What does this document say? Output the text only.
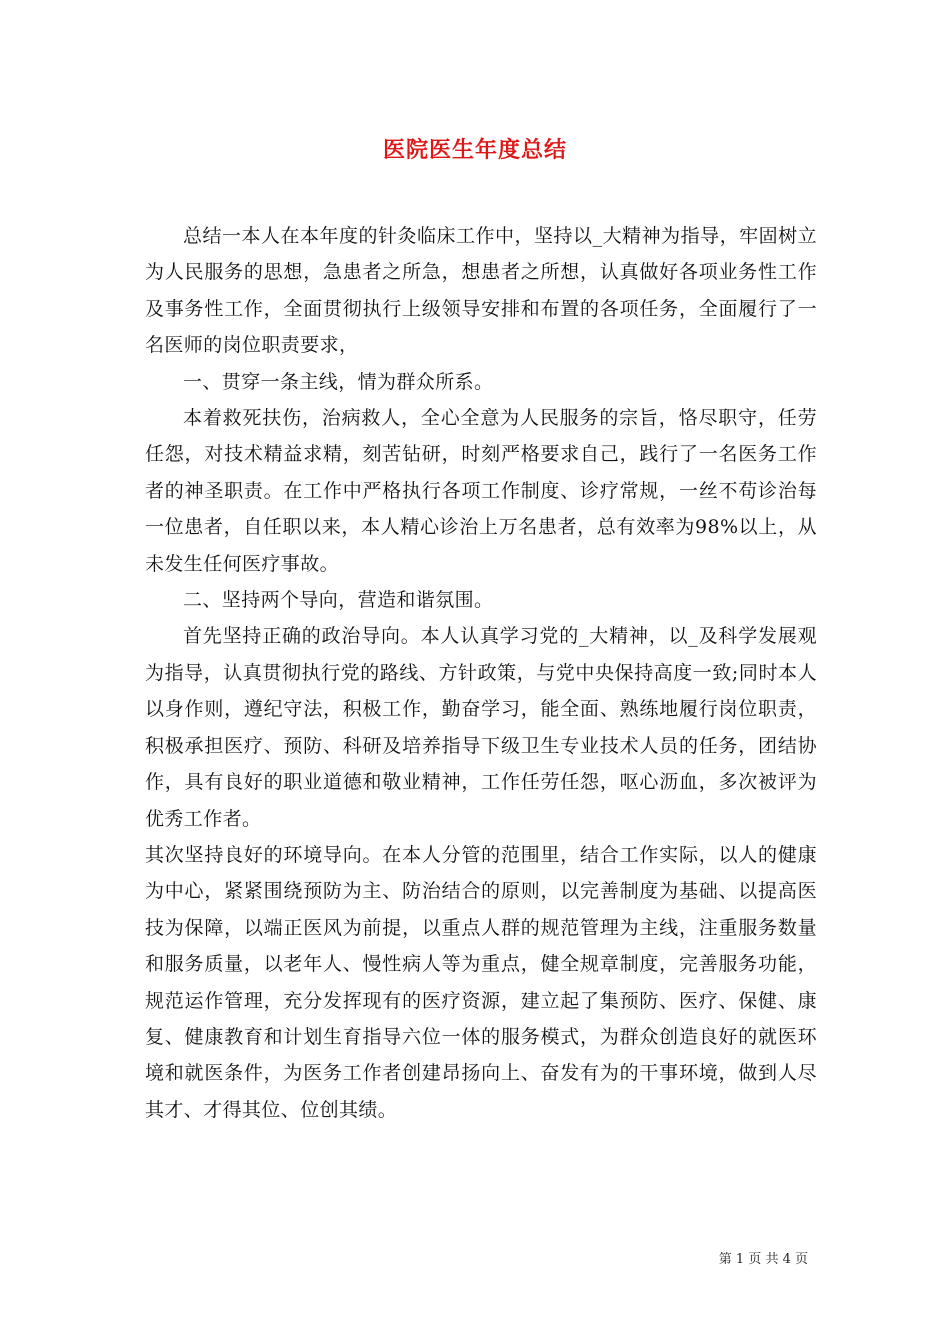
医院医生年度总结

总结一本人在本年度的针灸临床工作中，坚持以_大精神为指导，牢固树立为人民服务的思想，急患者之所急，想患者之所想，认真做好各项业务性工作及事务性工作，全面贯彻执行上级领导安排和布置的各项任务，全面履行了一名医师的岗位职责要求，

一、贯穿一条主线，情为群众所系。

本着救死扶伤，治病救人，全心全意为人民服务的宗旨，恪尽职守，任劳任怨，对技术精益求精，刻苦钻研，时刻严格要求自己，践行了一名医务工作者的神圣职责。在工作中严格执行各项工作制度、诊疗常规，一丝不苟诊治每一位患者，自任职以来，本人精心诊治上万名患者，总有效率为98%以上，从未发生任何医疗事故。

二、坚持两个导向，营造和谐氛围。

首先坚持正确的政治导向。本人认真学习党的_大精神，以_及科学发展观为指导，认真贯彻执行党的路线、方针政策，与党中央保持高度一致;同时本人以身作则，遵纪守法，积极工作，勤奋学习，能全面、熟练地履行岗位职责，积极承担医疗、预防、科研及培养指导下级卫生专业技术人员的任务，团结协作，具有良好的职业道德和敬业精神，工作任劳任怨，呕心沥血，多次被评为优秀工作者。

其次坚持良好的环境导向。在本人分管的范围里，结合工作实际，以人的健康为中心，紧紧围绕预防为主、防治结合的原则，以完善制度为基础、以提高医技为保障，以端正医风为前提，以重点人群的规范管理为主线，注重服务数量和服务质量，以老年人、慢性病人等为重点，健全规章制度，完善服务功能，规范运作管理，充分发挥现有的医疗资源，建立起了集预防、医疗、保健、康复、健康教育和计划生育指导六位一体的服务模式，为群众创造良好的就医环境和就医条件，为医务工作者创建昂扬向上、奋发有为的干事环境，做到人尽其才、才得其位、位创其绩。

第 1 页 共 4 页
